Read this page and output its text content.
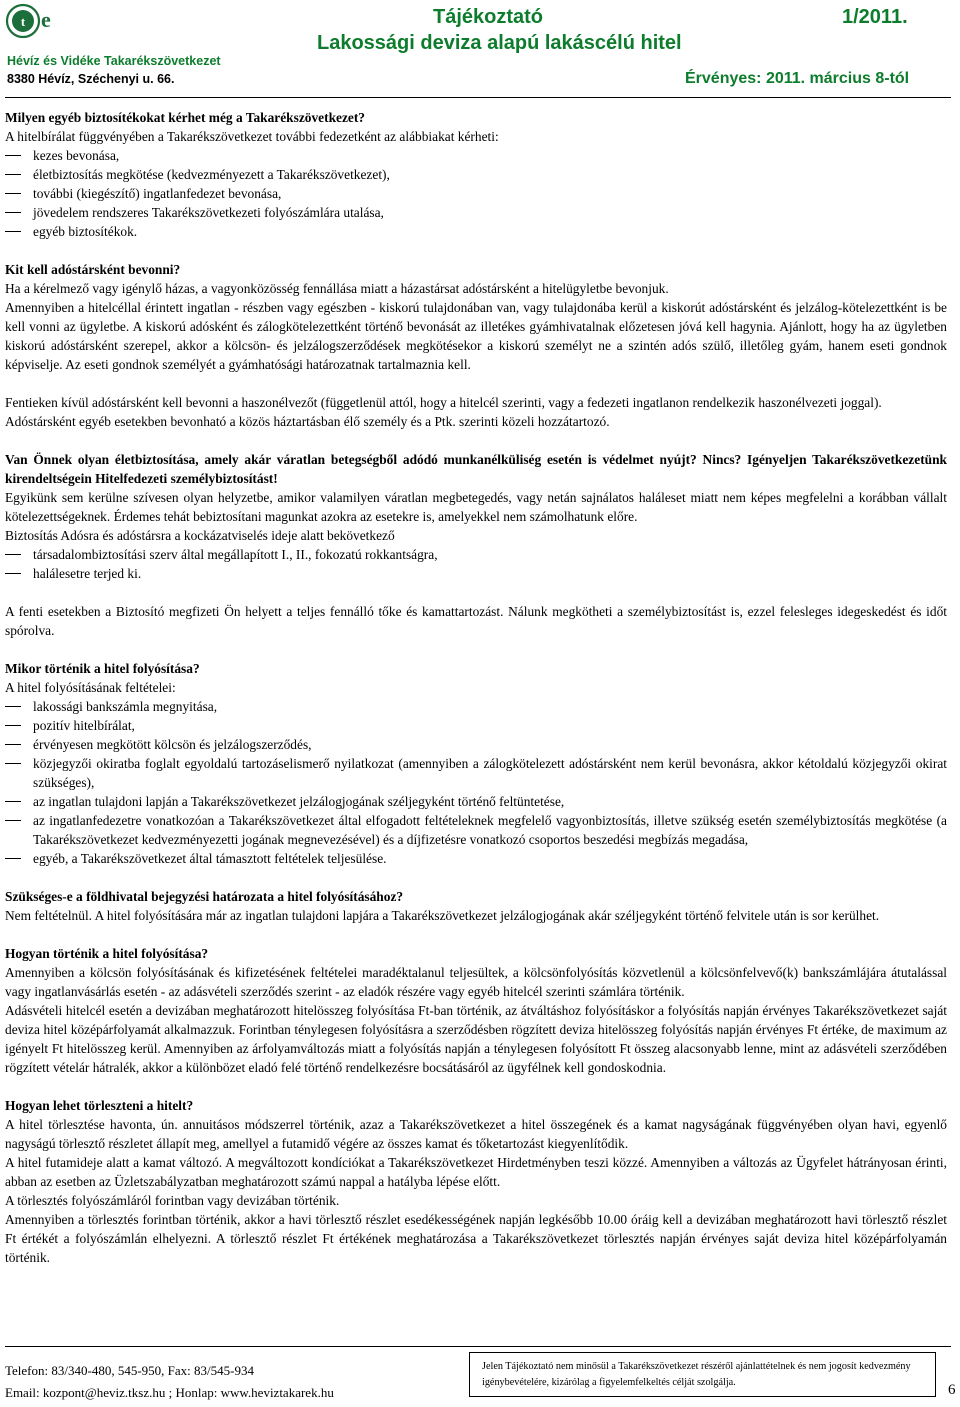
t e
Hévíz és Vidéke Takarékszövetkezet
8380 Hévíz, Széchenyi u. 66.
Tájékoztató
Lakossági deviza alapú lakáscélú hitel
1/2011.
Érvényes: 2011. március 8-tól

Milyen egyéb biztosítékokat kérhet még a Takarékszövetkezet?

A hitelbírálat függvényében a Takarékszövetkezet további fedezetként az alábbiakat kérheti:

kezes bevonása,
életbiztosítás megkötése (kedvezményezett a Takarékszövetkezet),
további (kiegészítő) ingatlanfedezet bevonása,
jövedelem rendszeres Takarékszövetkezeti folyószámlára utalása,
egyéb biztosítékok.

Kit kell adóstársként bevonni?

Ha a kérelmező vagy igénylő házas, a vagyonközösség fennállása miatt a házastársat adóstársként a hitelügyletbe bevonjuk.

Amennyiben a hitelcéllal érintett ingatlan - részben vagy egészben - kiskorú tulajdonában van, vagy tulajdonába kerül a kiskorút adóstársként és jelzálog-kötelezettként is be kell vonni az ügyletbe. A kiskorú adósként és zálogkötelezettként történő bevonását az illetékes gyámhivatalnak előzetesen jóvá kell hagynia. Ajánlott, hogy ha az ügyletben kiskorú adóstársként szerepel, akkor a kölcsön- és jelzálogszerződések megkötésekor a kiskorú személyt ne a szintén adós szülő, illetőleg gyám, hanem eseti gondnok képviselje. Az eseti gondnok személyét a gyámhatósági határozatnak tartalmaznia kell.

Fentieken kívül adóstársként kell bevonni a haszonélvezőt (függetlenül attól, hogy a hitelcél szerinti, vagy a fedezeti ingatlanon rendelkezik haszonélvezeti joggal).

Adóstársként egyéb esetekben bevonható a közös háztartásban élő személy és a Ptk. szerinti közeli hozzátartozó.

Van Önnek olyan életbiztosítása, amely akár váratlan betegségből adódó munkanélküliség esetén is védelmet nyújt? Nincs? Igényeljen Takarékszövetkezetünk kirendeltségein Hitelfedezeti személybiztosítást!

Egyikünk sem kerülne szívesen olyan helyzetbe, amikor valamilyen váratlan megbetegedés, vagy netán sajnálatos haláleset miatt nem képes megfelelni a korábban vállalt kötelezettségeknek. Érdemes tehát bebiztosítani magunkat azokra az esetekre is, amelyekkel nem számolhatunk előre.

Biztosítás Adósra és adóstársra a kockázatviselés ideje alatt bekövetkező

társadalombiztosítási szerv által megállapított I., II., fokozatú rokkantságra,
halálesetre terjed ki.

A fenti esetekben a Biztosító megfizeti Ön helyett a teljes fennálló tőke és kamattartozást. Nálunk megkötheti a személybiztosítást is, ezzel felesleges idegeskedést és időt spórolva.

Mikor történik a hitel folyósítása?

A hitel folyósításának feltételei:

lakossági bankszámla megnyitása,
pozitív hitelbírálat,
érvényesen megkötött kölcsön és jelzálogszerződés,
közjegyzői okiratba foglalt egyoldalú tartozáselismerő nyilatkozat (amennyiben a zálogkötelezett adóstársként nem kerül bevonásra, akkor kétoldalú közjegyzői okirat szükséges),
az ingatlan tulajdoni lapján a Takarékszövetkezet jelzálogjogának széljegyként történő feltüntetése,
az ingatlanfedezetre vonatkozóan a Takarékszövetkezet által elfogadott feltételeknek megfelelő vagyonbiztosítás, illetve szükség esetén személybiztosítás megkötése (a Takarékszövetkezet kedvezményezetti jogának megnevezésével) és a díjfizetésre vonatkozó csoportos beszedési megbízás megadása,
egyéb, a Takarékszövetkezet által támasztott feltételek teljesülése.

Szükséges-e a földhivatal bejegyzési határozata a hitel folyósításához?

Nem feltételnül. A hitel folyósítására már az ingatlan tulajdoni lapjára a Takarékszövetkezet jelzálogjogának akár széljegyként történő felvitele után is sor kerülhet.

Hogyan történik a hitel folyósítása?

Amennyiben a kölcsön folyósításának és kifizetésének feltételei maradéktalanul teljesültek, a kölcsönfolyósítás közvetlenül a kölcsönfelvevő(k) bankszámlájára átutalással vagy ingatlanvásárlás esetén - az adásvételi szerződés szerint - az eladók részére vagy egyéb hitelcél szerinti számlára történik.

Adásvételi hitelcél esetén a devizában meghatározott hitelösszeg folyósítása Ft-ban történik, az átváltáshoz folyósításkor a folyósítás napján érvényes Takarékszövetkezet saját deviza hitel középárfolyamát alkalmazzuk. Forintban ténylegesen folyósításra a szerződésben rögzített deviza hitelösszeg folyósítás napján érvényes Ft értéke, de maximum az igényelt Ft hitelösszeg kerül. Amennyiben az árfolyamváltozás miatt a folyósítás napján a ténylegesen folyósított Ft összeg alacsonyabb lenne, mint az adásvételi szerződében rögzített vételár hátralék, akkor a különbözet eladó felé történő rendelkezésre bocsátásáról az ügyfélnek kell gondoskodnia.

Hogyan lehet törleszteni a hitelt?

A hitel törlesztése havonta, ún. annuitásos módszerrel történik, azaz a Takarékszövetkezet a hitel összegének és a kamat nagyságának függvényében olyan havi, egyenlő nagyságú törlesztő részletet állapít meg, amellyel a futamidő végére az összes kamat és tőketartozást kiegyenlítődik.

A hitel futamideje alatt a kamat változó. A megváltozott kondíciókat a Takarékszövetkezet Hirdetményben teszi közzé. Amennyiben a változás az Ügyfelet hátrányosan érinti, abban az esetben az Üzletszabályzatban meghatározott számú nappal a hatályba lépése előtt.

A törlesztés folyószámláról forintban vagy devizában történik.

Amennyiben a törlesztés forintban történik, akkor a havi törlesztő részlet esedékességének napján legkésőbb 10.00 óráig kell a devizában meghatározott havi törlesztő részlet Ft értékét a folyószámlán elhelyezni. A törlesztő részlet Ft értékének meghatározása a Takarékszövetkezet törlesztés napján érvényes saját deviza hitel középárfolyamán történik.

Telefon: 83/340-480, 545-950, Fax: 83/545-934
Email: kozpont@heviz.tksz.hu ; Honlap: www.heviztakarek.hu
Jelen Tájékoztató nem minősül a Takarékszövetkezet részéről ajánlattételnek és nem jogosít kedvezmény igénybevételére, kizárólag a figyelemfelkeltés célját szolgálja.	6
